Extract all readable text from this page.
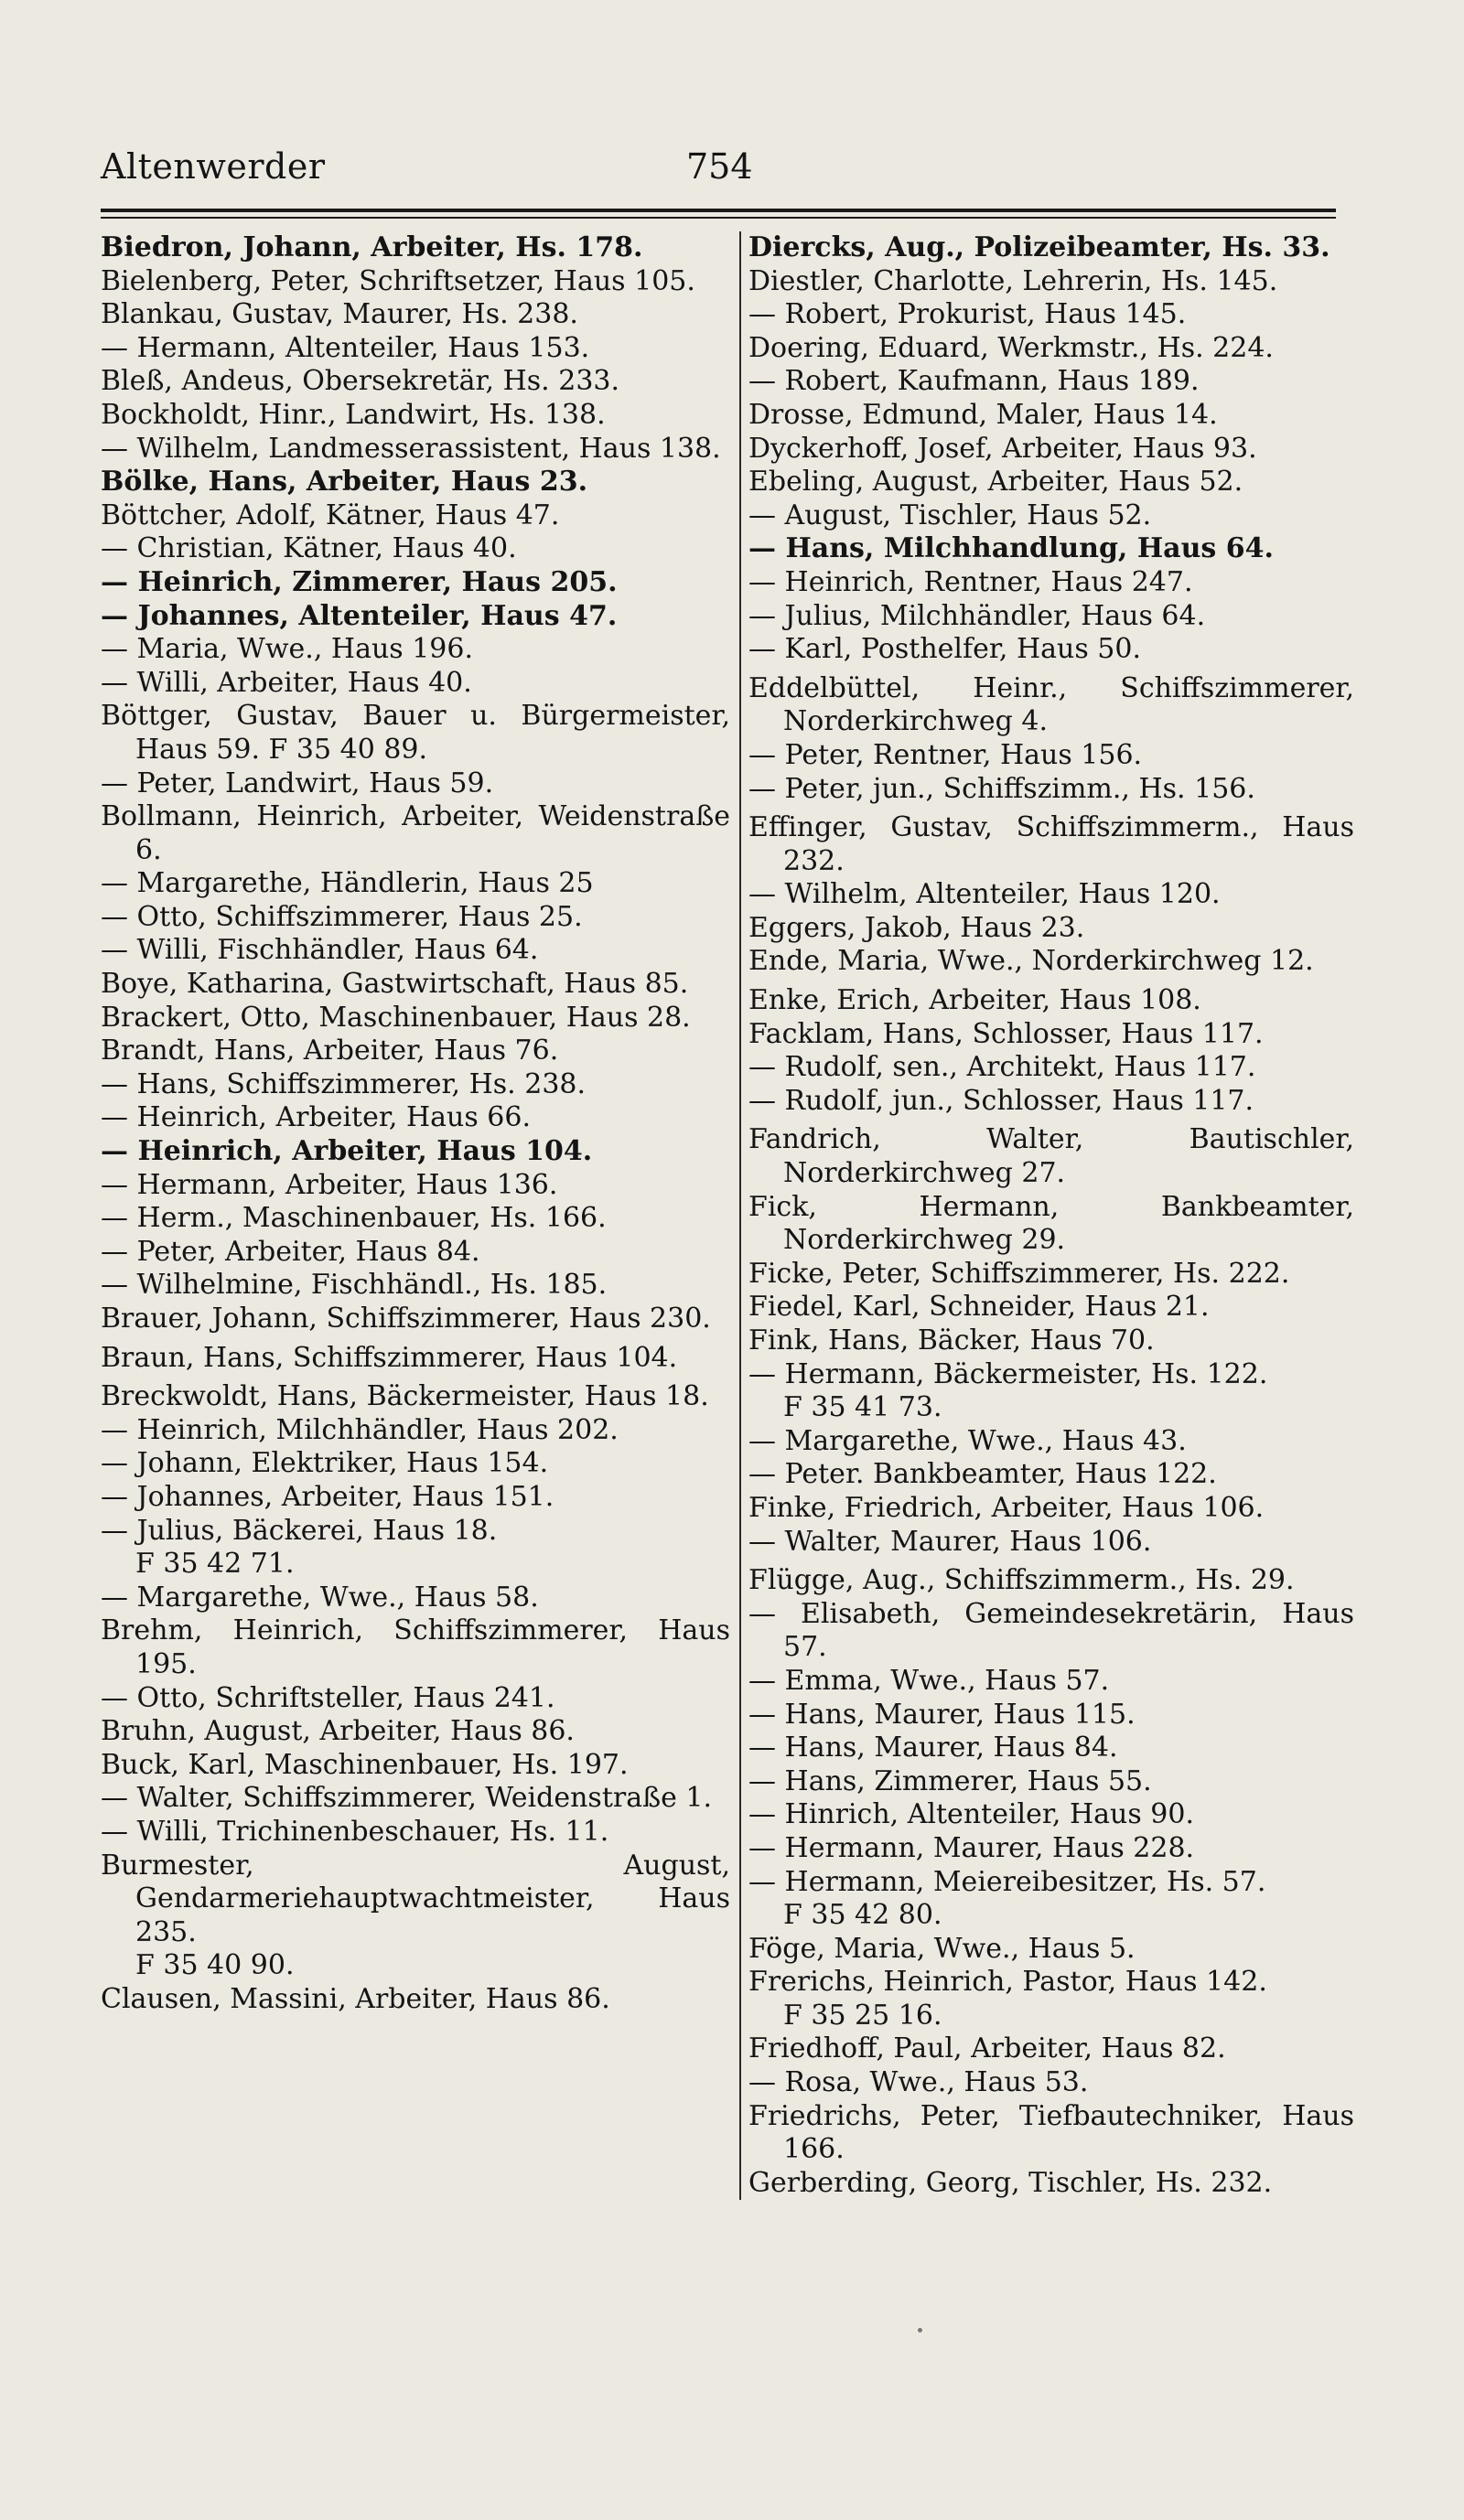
Altenwerder	754
Biedron, Johann, Arbeiter, Hs. 178.
Bielenberg, Peter, Schriftsetzer, Haus 105.
Blankau, Gustav, Maurer, Hs. 238.
— Hermann, Altenteiler, Haus 153.
Bleß, Andeus, Obersekretär, Hs. 233.
Bockholdt, Hinr., Landwirt, Hs. 138.
— Wilhelm, Landmesserassistent, Haus 138.
Bölke, Hans, Arbeiter, Haus 23.
Böttcher, Adolf, Kätner, Haus 47.
— Christian, Kätner, Haus 40.
— Heinrich, Zimmerer, Haus 205.
— Johannes, Altenteiler, Haus 47.
— Maria, Wwe., Haus 196.
— Willi, Arbeiter, Haus 40.
Böttger, Gustav, Bauer u. Bürgermeister, Haus 59. F 35 40 89.
— Peter, Landwirt, Haus 59.
Bollmann, Heinrich, Arbeiter, Weidenstraße 6.
— Margarethe, Händlerin, Haus 25
— Otto, Schiffszimmerer, Haus 25.
— Willi, Fischhändler, Haus 64.
Boye, Katharina, Gastwirtschaft, Haus 85.
Brackert, Otto, Maschinenbauer, Haus 28.
Brandt, Hans, Arbeiter, Haus 76.
— Hans, Schiffszimmerer, Hs. 238.
— Heinrich, Arbeiter, Haus 66.
— Heinrich, Arbeiter, Haus 104.
— Hermann, Arbeiter, Haus 136.
— Herm., Maschinenbauer, Hs. 166.
— Peter, Arbeiter, Haus 84.
— Wilhelmine, Fischhändl., Hs. 185.
Brauer, Johann, Schiffszimmerer, Haus 230.
Braun, Hans, Schiffszimmerer, Haus 104.
Breckwoldt, Hans, Bäckermeister, Haus 18.
— Heinrich, Milchhändler, Haus 202.
— Johann, Elektriker, Haus 154.
— Johannes, Arbeiter, Haus 151.
— Julius, Bäckerei, Haus 18.
F 35 42 71.
— Margarethe, Wwe., Haus 58.
Brehm, Heinrich, Schiffszimmerer, Haus 195.
— Otto, Schriftsteller, Haus 241.
Bruhn, August, Arbeiter, Haus 86.
Buck, Karl, Maschinenbauer, Hs. 197.
— Walter, Schiffszimmerer, Weidenstraße 1.
— Willi, Trichinenbeschauer, Hs. 11.
Burmester, August, Gendarmeriehauptwachtmeister, Haus 235.
F 35 40 90.
Clausen, Massini, Arbeiter, Haus 86.
Diercks, Aug., Polizeibeamter, Hs. 33.
Diestler, Charlotte, Lehrerin, Hs. 145.
— Robert, Prokurist, Haus 145.
Doering, Eduard, Werkmstr., Hs. 224.
— Robert, Kaufmann, Haus 189.
Drosse, Edmund, Maler, Haus 14.
Dyckerhoff, Josef, Arbeiter, Haus 93.
Ebeling, August, Arbeiter, Haus 52.
— August, Tischler, Haus 52.
— Hans, Milchhandlung, Haus 64.
— Heinrich, Rentner, Haus 247.
— Julius, Milchhändler, Haus 64.
— Karl, Posthelfer, Haus 50.
Eddelbüttel, Heinr., Schiffszimmerer, Norderkirchweg 4.
— Peter, Rentner, Haus 156.
— Peter, jun., Schiffszimm., Hs. 156.
Effinger, Gustav, Schiffszimmerm., Haus 232.
— Wilhelm, Altenteiler, Haus 120.
Eggers, Jakob, Haus 23.
Ende, Maria, Wwe., Norderkirchweg 12.
Enke, Erich, Arbeiter, Haus 108.
Facklam, Hans, Schlosser, Haus 117.
— Rudolf, sen., Architekt, Haus 117.
— Rudolf, jun., Schlosser, Haus 117.
Fandrich, Walter, Bautischler, Norderkirchweg 27.
Fick, Hermann, Bankbeamter, Norderkirchweg 29.
Ficke, Peter, Schiffszimmerer, Hs. 222.
Fiedel, Karl, Schneider, Haus 21.
Fink, Hans, Bäcker, Haus 70.
— Hermann, Bäckermeister, Hs. 122.
F 35 41 73.
— Margarethe, Wwe., Haus 43.
— Peter. Bankbeamter, Haus 122.
Finke, Friedrich, Arbeiter, Haus 106.
— Walter, Maurer, Haus 106.
Flügge, Aug., Schiffszimmerm., Hs. 29.
— Elisabeth, Gemeindesekretärin, Haus 57.
— Emma, Wwe., Haus 57.
— Hans, Maurer, Haus 115.
— Hans, Maurer, Haus 84.
— Hans, Zimmerer, Haus 55.
— Hinrich, Altenteiler, Haus 90.
— Hermann, Maurer, Haus 228.
— Hermann, Meiereibesitzer, Hs. 57.
F 35 42 80.
Föge, Maria, Wwe., Haus 5.
Frerichs, Heinrich, Pastor, Haus 142.
F 35 25 16.
Friedhoff, Paul, Arbeiter, Haus 82.
— Rosa, Wwe., Haus 53.
Friedrichs, Peter, Tiefbautechniker, Haus 166.
Gerberding, Georg, Tischler, Hs. 232.
